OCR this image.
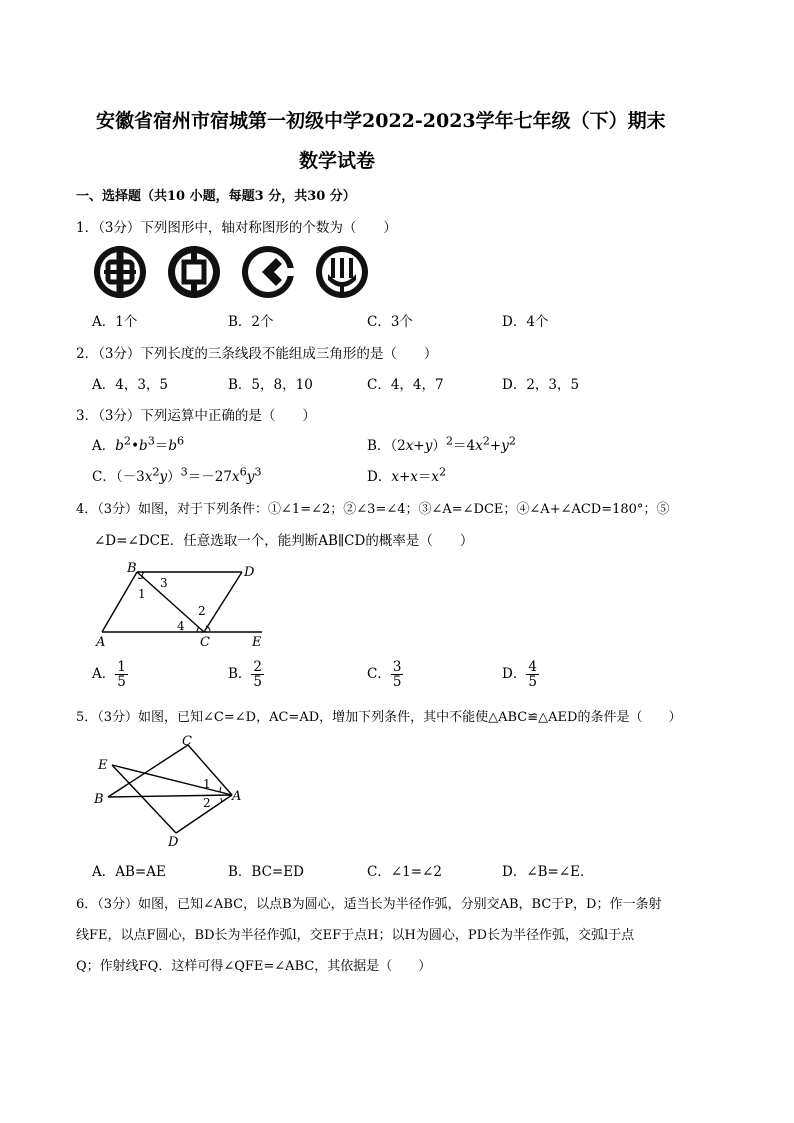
安徽省宿州市宿城第一初级中学2022-2023学年七年级（下）期末
数学试卷
一、选择题（共10 小题，每题3 分，共30 分）
1．（3分）下列图形中，轴对称图形的个数为（　　）
A．1个	B．2个	C．3个	D．4个
2．（3分）下列长度的三条线段不能组成三角形的是（　　）
A．4，3，5	B．5，8，10	C．4，4，7	D．2，3，5
3．（3分）下列运算中正确的是（　　）
A．$b^2•b^3=b^6$	B．$(2x+y)^2=4x^2+y^2$
C．$(-3x^2y)^3=-27x^6y^3$	D．$x+x=x^2$
4．（3分）如图，对于下列条件：①∠1=∠2；②∠3=∠4；③∠A=∠DCE；④∠A+∠ACD=180°；⑤
∠D=∠DCE．任意选取一个，能判断AB∥CD的概率是（　　）
B	D
3
1
2
4
A	C	E
A． $\frac{1}{5}$	B． $\frac{2}{5}$	C． $\frac{3}{5}$	D． $\frac{4}{5}$
5．（3分）如图，已知∠C=∠D，AC=AD，增加下列条件，其中不能使△ABC≌△AED的条件是（　　）
C
E
1
B	2 A
D
A．AB=AE	B．BC=ED	C．∠1=∠2	D．∠B=∠E．
6．（3分）如图，已知∠ABC，以点B为圆心，适当长为半径作弧，分别交AB，BC于P，D；作一条射
线FE，以点F圆心，BD长为半径作弧l，交EF于点H；以H为圆心，PD长为半径作弧，交弧l于点
Q；作射线FQ．这样可得∠QFE=∠ABC，其依据是（　　）
